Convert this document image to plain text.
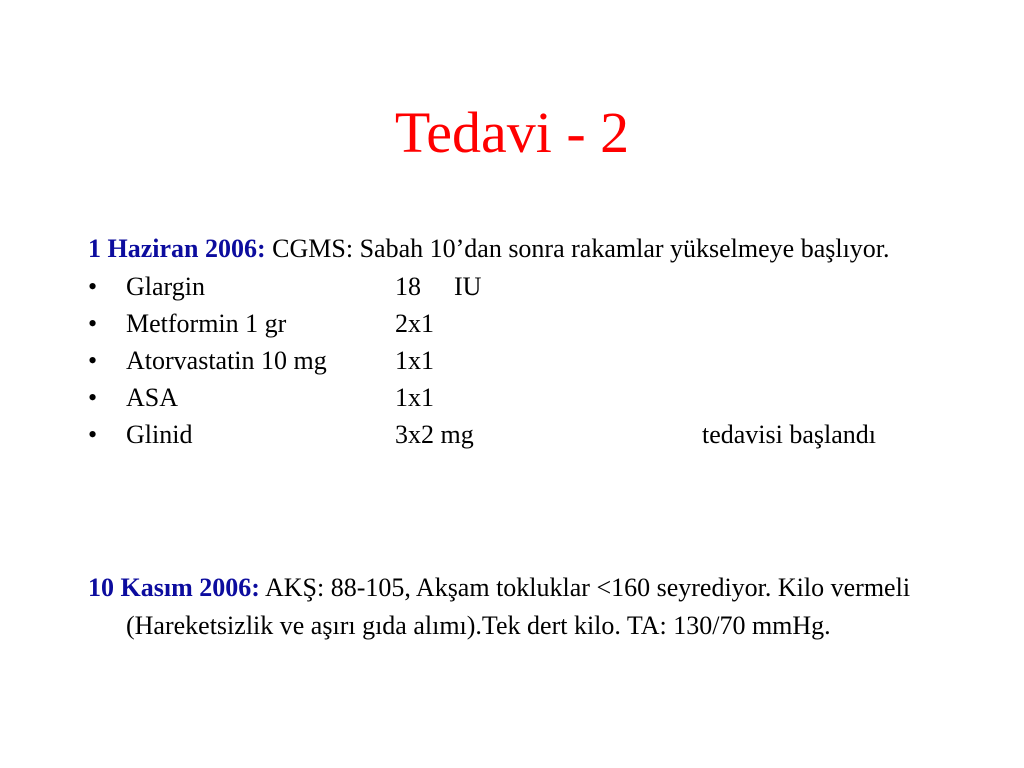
Tedavi - 2
1 Haziran 2006: CGMS: Sabah 10’dan sonra rakamlar yükselmeye başlıyor.
•	Glargin	18 IU
•	Metformin 1 gr	2x1
•	Atorvastatin 10 mg	1x1
•	ASA	1x1
•	Glinid	3x2 mg	tedavisi başlandı
10 Kasım 2006: AKŞ: 88-105, Akşam tokluklar <160 seyrediyor. Kilo vermeli (Hareketsizlik ve aşırı gıda alımı).Tek dert kilo. TA: 130/70 mmHg.
